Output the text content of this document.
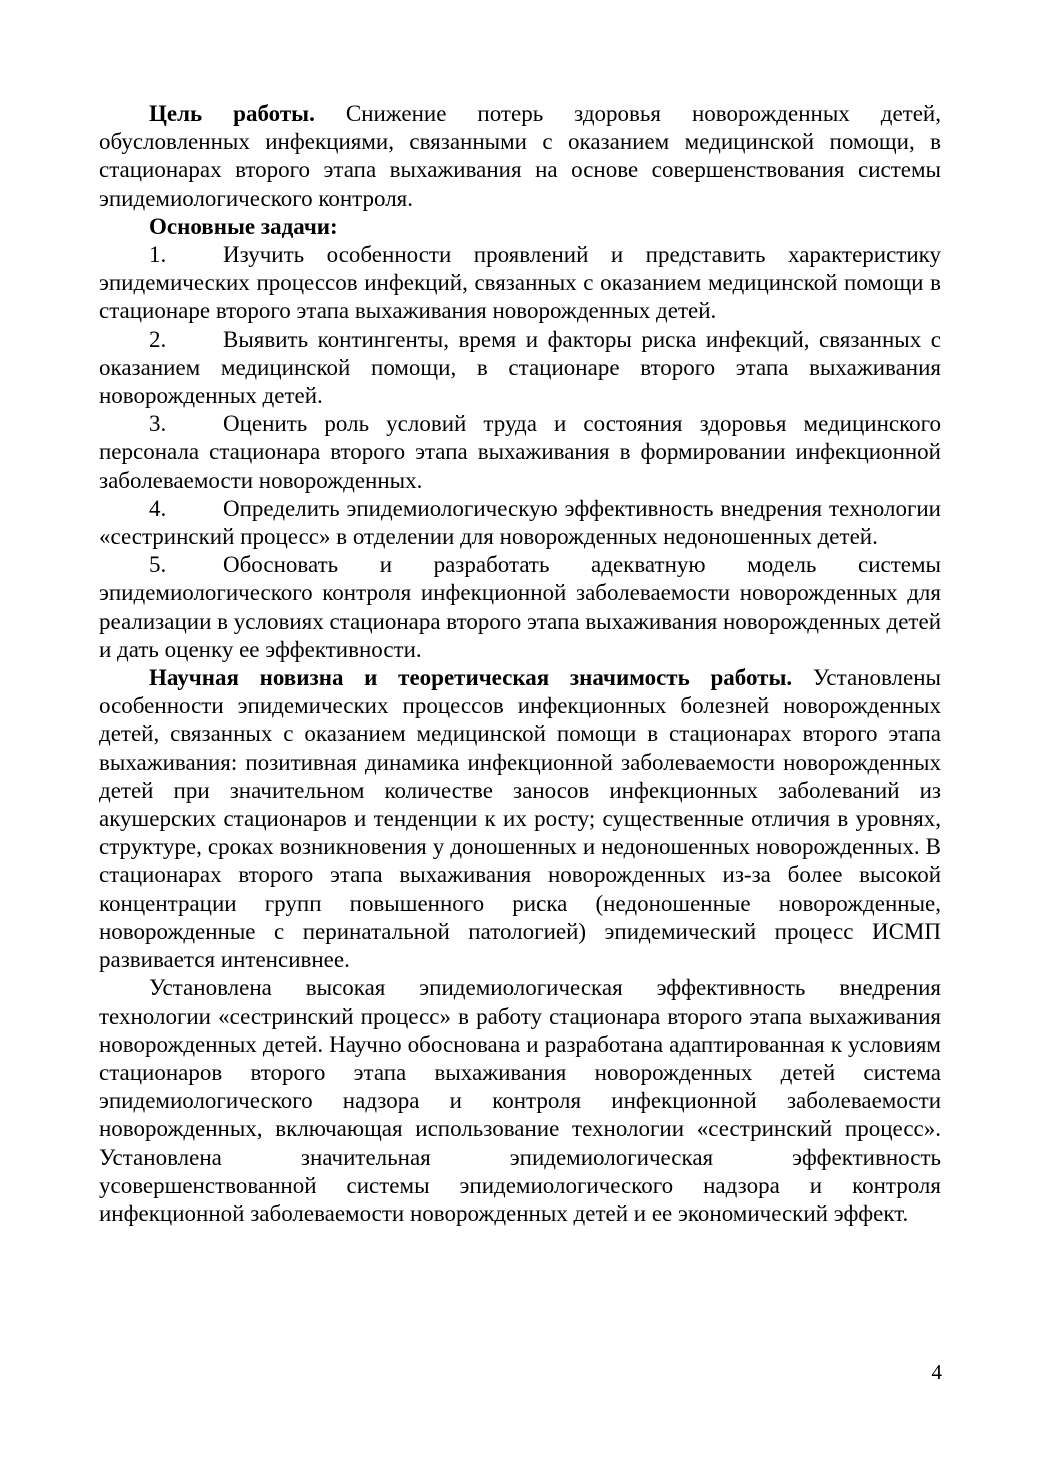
Цель работы. Снижение потерь здоровья новорожденных детей, обусловленных инфекциями, связанными с оказанием медицинской помощи, в стационарах второго этапа выхаживания на основе совершенствования системы эпидемиологического контроля.

Основные задачи:

1. Изучить особенности проявлений и представить характеристику эпидемических процессов инфекций, связанных с оказанием медицинской помощи в стационаре второго этапа выхаживания новорожденных детей.

2. Выявить контингенты, время и факторы риска инфекций, связанных с оказанием медицинской помощи, в стационаре второго этапа выхаживания новорожденных детей.

3. Оценить роль условий труда и состояния здоровья медицинского персонала стационара второго этапа выхаживания в формировании инфекционной заболеваемости новорожденных.

4. Определить эпидемиологическую эффективность внедрения технологии «сестринский процесс» в отделении для новорожденных недоношенных детей.

5. Обосновать и разработать адекватную модель системы эпидемиологического контроля инфекционной заболеваемости новорожденных для реализации в условиях стационара второго этапа выхаживания новорожденных детей и дать оценку ее эффективности.

Научная новизна и теоретическая значимость работы. Установлены особенности эпидемических процессов инфекционных болезней новорожденных детей, связанных с оказанием медицинской помощи в стационарах второго этапа выхаживания: позитивная динамика инфекционной заболеваемости новорожденных детей при значительном количестве заносов инфекционных заболеваний из акушерских стационаров и тенденции к их росту; существенные отличия в уровнях, структуре, сроках возникновения у доношенных и недоношенных новорожденных. В стационарах второго этапа выхаживания новорожденных из-за более высокой концентрации групп повышенного риска (недоношенные новорожденные, новорожденные с перинатальной патологией) эпидемический процесс ИСМП развивается интенсивнее.

Установлена высокая эпидемиологическая эффективность внедрения технологии «сестринский процесс» в работу стационара второго этапа выхаживания новорожденных детей. Научно обоснована и разработана адаптированная к условиям стационаров второго этапа выхаживания новорожденных детей система эпидемиологического надзора и контроля инфекционной заболеваемости новорожденных, включающая использование технологии «сестринский процесс». Установлена значительная эпидемиологическая эффективность усовершенствованной системы эпидемиологического надзора и контроля инфекционной заболеваемости новорожденных детей и ее экономический эффект.

4
